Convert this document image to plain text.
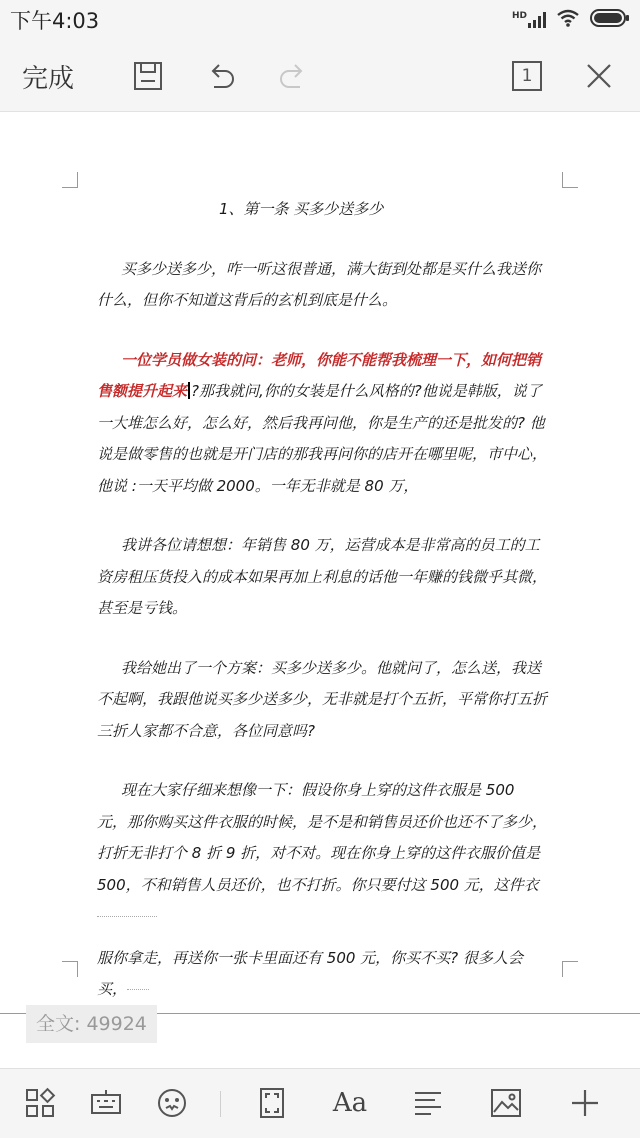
下午4:03	HD
完成	1
1、第一条 买多少送多少

买多少送多少，咋一听这很普通，满大街到处都是买什么我送你什么，但你不知道这背后的玄机到底是什么。

一位学员做女装的问：老师，你能不能帮我梳理一下，如何把销售额提升起来 ?那我就问,你的女装是什么风格的?他说是韩版，说了一大堆怎么好，怎么好，然后我再问他，你是生产的还是批发的? 他说是做零售的也就是开门店的那我再问你的店开在哪里呢，市中心，他说 :一天平均做 2000。一年无非就是 80 万，

我讲各位请想想：年销售 80 万，运营成本是非常高的员工的工资房租压货投入的成本如果再加上利息的话他一年赚的钱微乎其微，甚至是亏钱。

我给她出了一个方案：买多少送多少。他就问了，怎么送，我送不起啊，我跟他说买多少送多少，无非就是打个五折，平常你打五折三折人家都不合意，各位同意吗?

现在大家仔细来想像一下：假设你身上穿的这件衣服是 500 元，那你购买这件衣服的时候，是不是和销售员还价也还不了多少，打折无非打个 8 折 9 折，对不对。现在你身上穿的这件衣服价值是 500，不和销售人员还价，也不打折。你只要付这 500 元，这件衣

服你拿走，再送你一张卡里面还有 500 元，你买不买? 很多人会买，

全文: 49924
Aa
